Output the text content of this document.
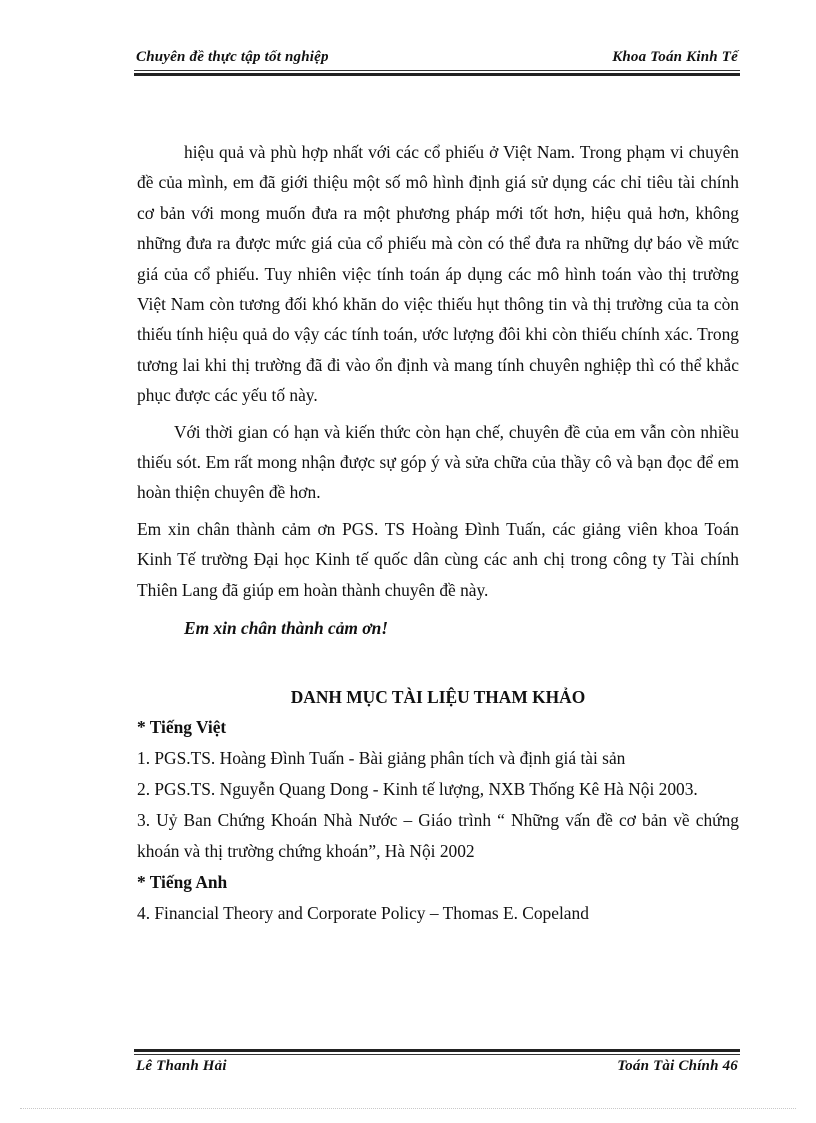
Chuyên đề thực tập tốt nghiệp	Khoa Toán Kinh Tế

hiệu quả và phù hợp nhất với các cổ phiếu ở Việt Nam. Trong phạm vi chuyên đề của mình, em đã giới thiệu một số mô hình định giá sử dụng các chỉ tiêu tài chính cơ bản với mong muốn đưa ra một phương pháp mới tốt hơn, hiệu quả hơn, không những đưa ra được mức giá của cổ phiếu mà còn có thể đưa ra những dự báo về mức giá của cổ phiếu. Tuy nhiên việc tính toán áp dụng các mô hình toán vào thị trường Việt Nam còn tương đối khó khăn do việc thiếu hụt thông tin và thị trường của ta còn thiếu tính hiệu quả do vậy các tính toán, ước lượng đôi khi còn thiếu chính xác. Trong tương lai khi thị trường đã đi vào ổn định và mang tính chuyên nghiệp thì có thể khắc phục được các yếu tố này.

Với thời gian có hạn và kiến thức còn hạn chế, chuyên đề của em vẫn còn nhiều thiếu sót. Em rất mong nhận được sự góp ý và sửa chữa của thầy cô và bạn đọc để em hoàn thiện chuyên đề hơn.

Em xin chân thành cảm ơn PGS. TS Hoàng Đình Tuấn, các giảng viên khoa Toán Kinh Tế trường Đại học Kinh tế quốc dân cùng các anh chị trong công ty Tài chính Thiên Lang đã giúp em hoàn thành chuyên đề này.

Em xin chân thành cảm ơn!

DANH MỤC TÀI LIỆU THAM KHẢO

* Tiếng Việt

1. PGS.TS. Hoàng Đình Tuấn - Bài giảng phân tích và định giá tài sản

2. PGS.TS. Nguyễn Quang Dong - Kinh tế lượng, NXB Thống Kê Hà Nội 2003.

3. Uỷ Ban Chứng Khoán Nhà Nước – Giáo trình “ Những vấn đề cơ bản về chứng khoán và thị trường chứng khoán”, Hà Nội 2002

* Tiếng Anh

4. Financial Theory and Corporate Policy – Thomas E. Copeland

Lê Thanh Hải	Toán Tài Chính 46
